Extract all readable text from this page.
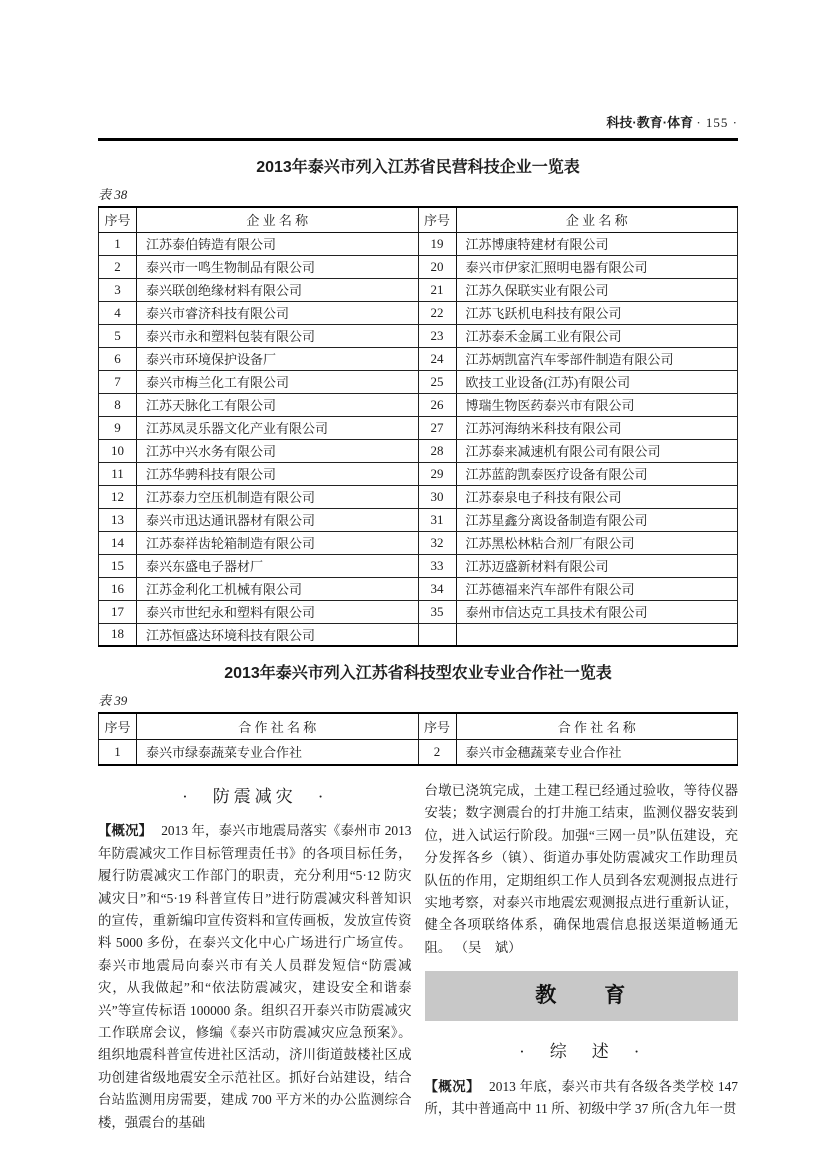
科技·教育·体育 · 155 ·
2013年泰兴市列入江苏省民营科技企业一览表
表 38
序号	企 业 名 称	序号	企 业 名 称
1	江苏泰伯铸造有限公司	19	江苏博康特建材有限公司
2	泰兴市一鸣生物制品有限公司	20	泰兴市伊家汇照明电器有限公司
3	泰兴联创绝缘材料有限公司	21	江苏久保联实业有限公司
4	泰兴市睿济科技有限公司	22	江苏飞跃机电科技有限公司
5	泰兴市永和塑料包装有限公司	23	江苏泰禾金属工业有限公司
6	泰兴市环境保护设备厂	24	江苏炳凯富汽车零部件制造有限公司
7	泰兴市梅兰化工有限公司	25	欧技工业设备(江苏)有限公司
8	江苏天脉化工有限公司	26	博瑞生物医药泰兴市有限公司
9	江苏凤灵乐器文化产业有限公司	27	江苏河海纳米科技有限公司
10	江苏中兴水务有限公司	28	江苏泰来减速机有限公司有限公司
11	江苏华骋科技有限公司	29	江苏蓝韵凯泰医疗设备有限公司
12	江苏泰力空压机制造有限公司	30	江苏泰泉电子科技有限公司
13	泰兴市迅达通讯器材有限公司	31	江苏星鑫分离设备制造有限公司
14	江苏泰祥齿轮箱制造有限公司	32	江苏黑松林粘合剂厂有限公司
15	泰兴东盛电子器材厂	33	江苏迈盛新材料有限公司
16	江苏金利化工机械有限公司	34	江苏德福来汽车部件有限公司
17	泰兴市世纪永和塑料有限公司	35	泰州市信达克工具技术有限公司
18	江苏恒盛达环境科技有限公司		
2013年泰兴市列入江苏省科技型农业专业合作社一览表
表 39
序号	合 作 社 名 称	序号	合 作 社 名 称
1	泰兴市绿泰蔬菜专业合作社	2	泰兴市金穗蔬菜专业合作社
·　防震减灾　·
【概况】 2013 年，泰兴市地震局落实《泰州市 2013 年防震减灾工作目标管理责任书》的各项目标任务，履行防震减灾工作部门的职责，充分利用“5·12 防灾减灾日”和“5·19 科普宣传日”进行防震减灾科普知识的宣传，重新编印宣传资料和宣传画板，发放宣传资料 5000 多份，在泰兴文化中心广场进行广场宣传。泰兴市地震局向泰兴市有关人员群发短信“防震减灾，从我做起”和“依法防震减灾，建设安全和谐泰兴”等宣传标语 100000 条。组织召开泰兴市防震减灾工作联席会议，修编《泰兴市防震减灾应急预案》。组织地震科普宣传进社区活动，济川街道鼓楼社区成功创建省级地震安全示范社区。抓好台站建设，结合台站监测用房需要，建成 700 平方米的办公监测综合楼，强震台的基础
台墩已浇筑完成，土建工程已经通过验收，等待仪器安装；数字测震台的打井施工结束，监测仪器安装到位，进入试运行阶段。加强“三网一员”队伍建设，充分发挥各乡（镇）、街道办事处防震减灾工作助理员队伍的作用，定期组织工作人员到各宏观测报点进行实地考察，对泰兴市地震宏观测报点进行重新认证，健全各项联络体系，确保地震信息报送渠道畅通无阻。 （吴　斌）
教　　育
·　综　述　·
【概况】 2013 年底，泰兴市共有各级各类学校 147 所，其中普通高中 11 所、初级中学 37 所(含九年一贯
